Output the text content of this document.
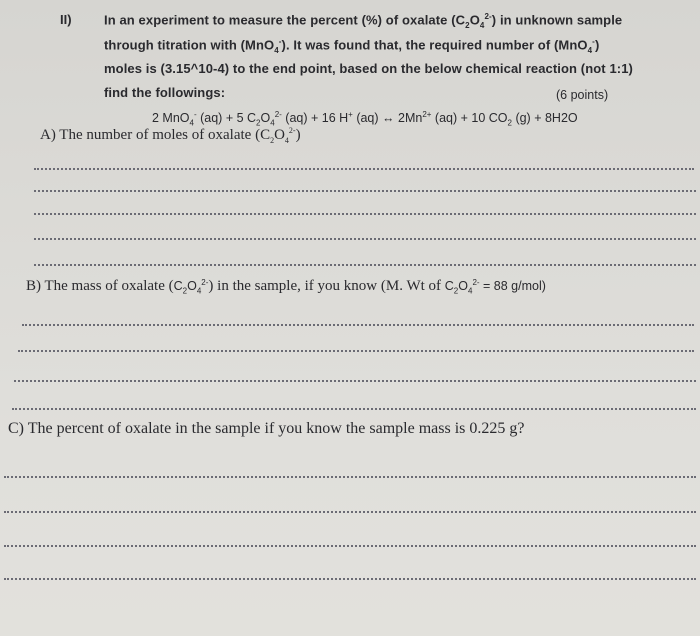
II) In an experiment to measure the percent (%) of oxalate $(C_2O_4^{2-})$ in unknown sample
through titration with (MnO$_4$-). It was found that, the required number of (MnO$_4$-)
moles is (3.15^10-4) to the end point, based on the below chemical reaction (not 1:1)
find the followings:	(6 points)
2 MnO$_4$- (aq) + 5 $C_2O_4^{2-}$ (aq) + 16 H+ (aq) ↔ $2Mn^{2+}$ (aq) + 10 $CO_2$ (g) + 8H2O
A) The number of moles of oxalate $(C_2O_4^{2-})$
B) The mass of oxalate $(C_2O_4^{2-})$ in the sample, if you know (M. Wt of $C_2O_4^{2-} = 88$ g/mol)
C) The percent of oxalate in the sample if you know the sample mass is 0.225 g?
